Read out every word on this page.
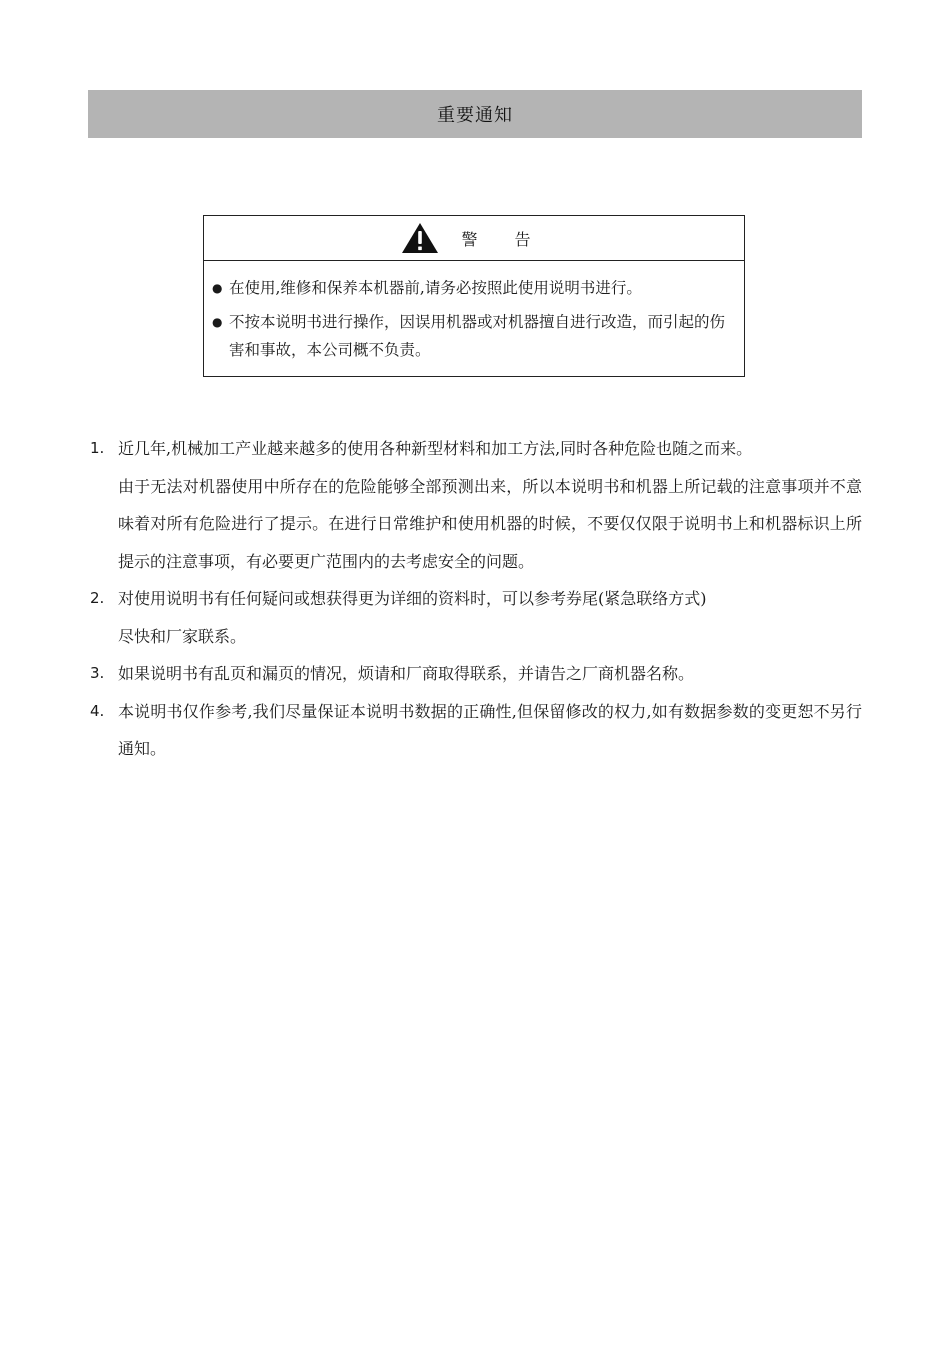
重要通知
警 告
● 在使用,维修和保养本机器前,请务必按照此使用说明书进行。
● 不按本说明书进行操作，因误用机器或对机器擅自进行改造，而引起的伤害和事故，本公司概不负责。
1. 近几年,机械加工产业越来越多的使用各种新型材料和加工方法,同时各种危险也随之而来。

由于无法对机器使用中所存在的危险能够全部预测出来，所以本说明书和机器上所记载的注意事项并不意味着对所有危险进行了提示。在进行日常维护和使用机器的时候，不要仅仅限于说明书上和机器标识上所提示的注意事项，有必要更广范围内的去考虑安全的问题。

2. 对使用说明书有任何疑问或想获得更为详细的资料时，可以参考券尾(紧急联络方式)

尽快和厂家联系。

3. 如果说明书有乱页和漏页的情况，烦请和厂商取得联系，并请告之厂商机器名称。

4. 本说明书仅作参考,我们尽量保证本说明书数据的正确性,但保留修改的权力,如有数据参数的变更恕不另行通知。
